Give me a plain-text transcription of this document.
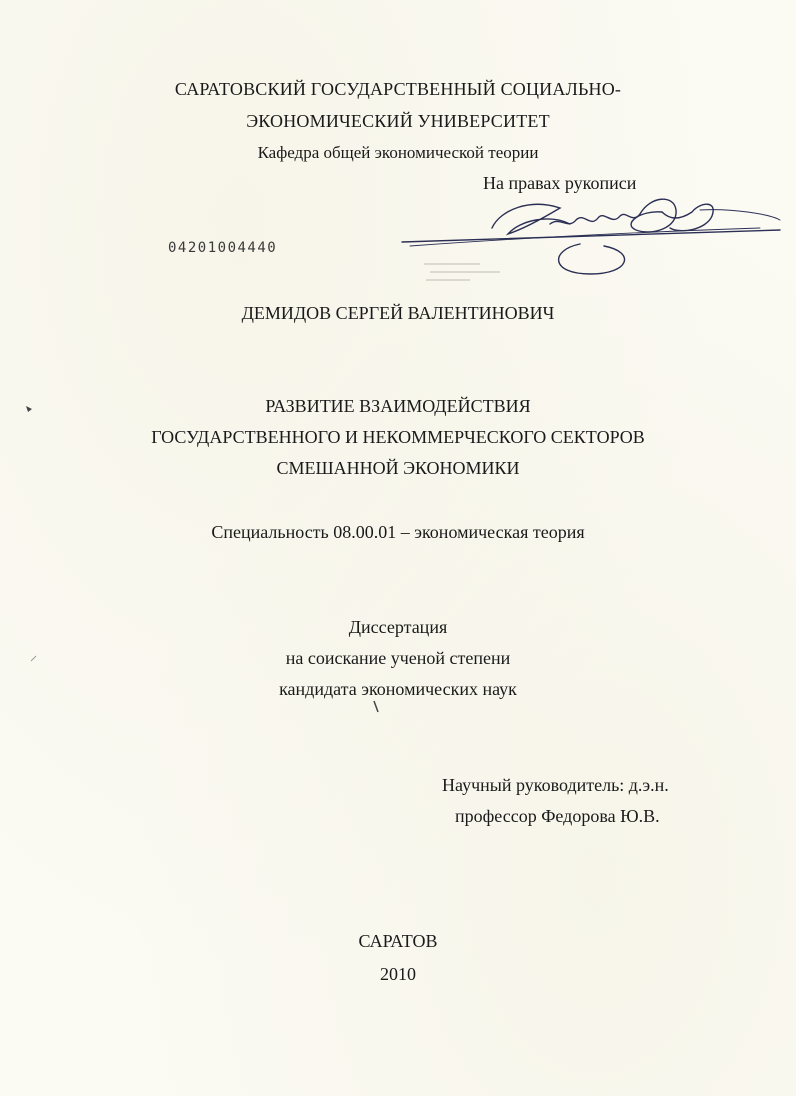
САРАТОВСКИЙ ГОСУДАРСТВЕННЫЙ СОЦИАЛЬНО-
ЭКОНОМИЧЕСКИЙ УНИВЕРСИТЕТ
Кафедра общей экономической теории
На правах рукописи
04201004440
ДЕМИДОВ СЕРГЕЙ ВАЛЕНТИНОВИЧ
РАЗВИТИЕ ВЗАИМОДЕЙСТВИЯ
ГОСУДАРСТВЕННОГО И НЕКОММЕРЧЕСКОГО СЕКТОРОВ
СМЕШАННОЙ ЭКОНОМИКИ
Специальность 08.00.01 – экономическая теория
Диссертация
на соискание ученой степени
кандидата экономических наук
Научный руководитель: д.э.н.
профессор Федорова Ю.В.
САРАТОВ
2010
